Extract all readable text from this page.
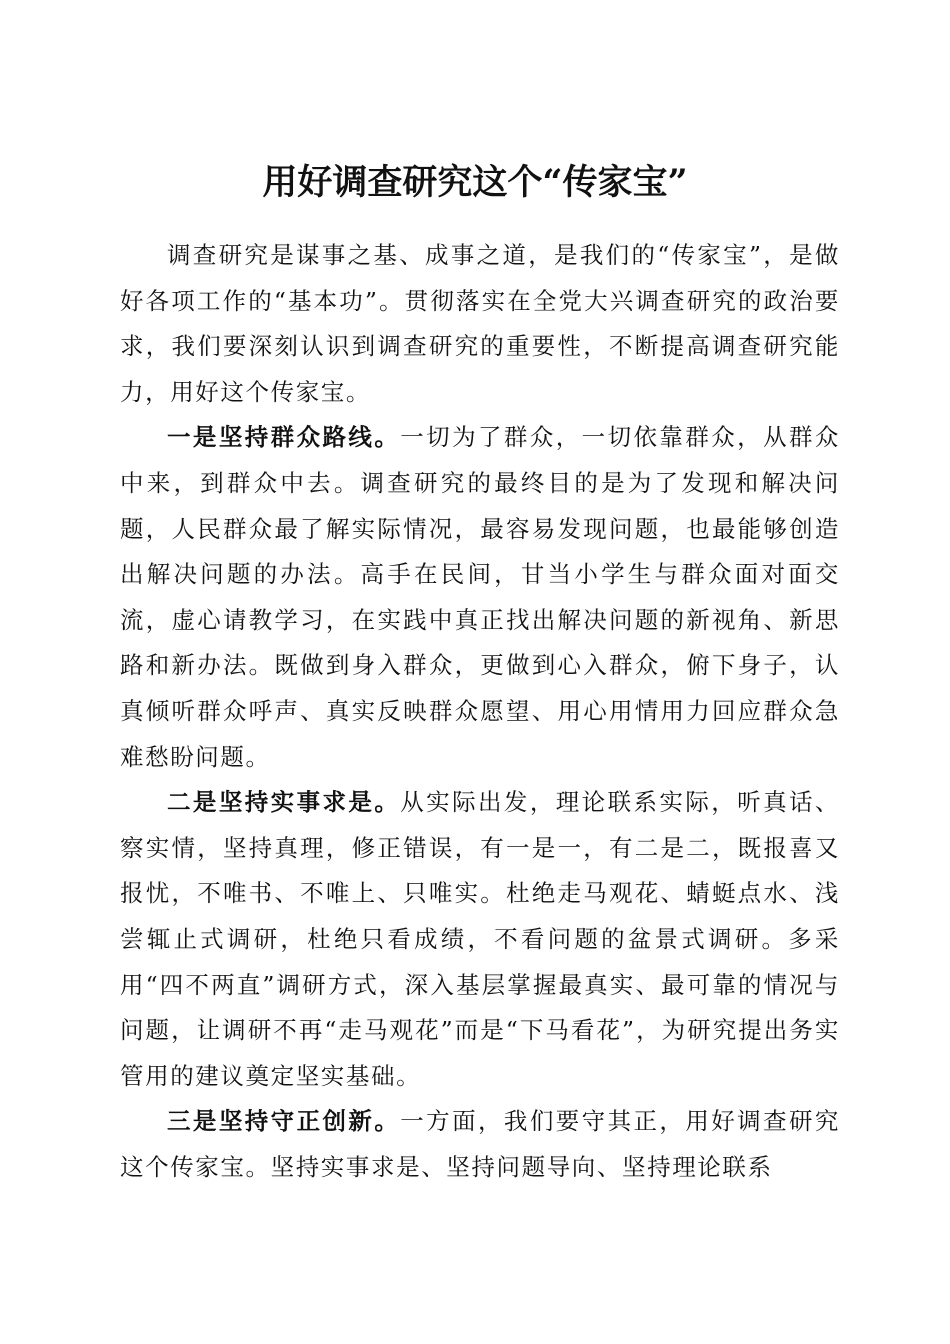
用好调查研究这个“传家宝”

调查研究是谋事之基、成事之道，是我们的“传家宝”，是做好各项工作的“基本功”。贯彻落实在全党大兴调查研究的政治要求，我们要深刻认识到调查研究的重要性，不断提高调查研究能力，用好这个传家宝。

一是坚持群众路线。一切为了群众，一切依靠群众，从群众中来，到群众中去。调查研究的最终目的是为了发现和解决问题，人民群众最了解实际情况，最容易发现问题，也最能够创造出解决问题的办法。高手在民间，甘当小学生与群众面对面交流，虚心请教学习，在实践中真正找出解决问题的新视角、新思路和新办法。既做到身入群众，更做到心入群众，俯下身子，认真倾听群众呼声、真实反映群众愿望、用心用情用力回应群众急难愁盼问题。

二是坚持实事求是。从实际出发，理论联系实际，听真话、察实情，坚持真理，修正错误，有一是一，有二是二，既报喜又报忧，不唯书、不唯上、只唯实。杜绝走马观花、蜻蜓点水、浅尝辄止式调研，杜绝只看成绩，不看问题的盆景式调研。多采用“四不两直”调研方式，深入基层掌握最真实、最可靠的情况与问题，让调研不再“走马观花”而是“下马看花”，为研究提出务实管用的建议奠定坚实基础。

三是坚持守正创新。一方面，我们要守其正，用好调查研究这个传家宝。坚持实事求是、坚持问题导向、坚持理论联系
